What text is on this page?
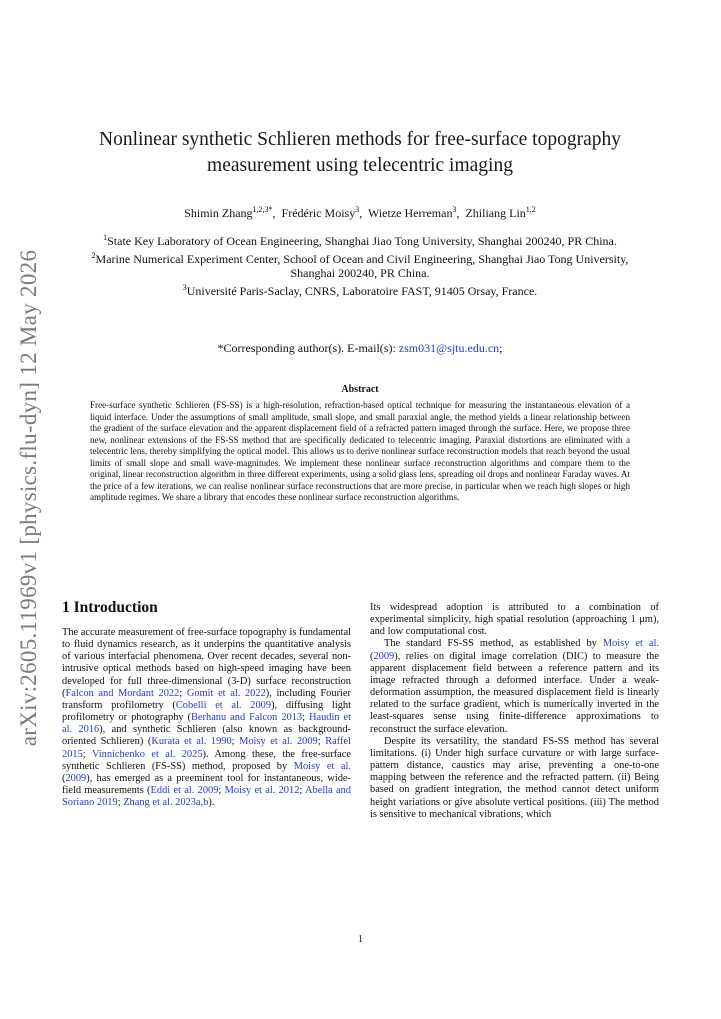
arXiv:2605.11969v1 [physics.flu-dyn] 12 May 2026
Nonlinear synthetic Schlieren methods for free-surface topography
measurement using telecentric imaging
Shimin Zhang$^{1,2,3*}$,  Frédéric Moisy$^3$,  Wietze Herreman$^3$,  Zhiliang Lin$^{1,2}$
$^1$State Key Laboratory of Ocean Engineering, Shanghai Jiao Tong University, Shanghai 200240, PR China.
$^2$Marine Numerical Experiment Center, School of Ocean and Civil Engineering, Shanghai Jiao Tong University, Shanghai 200240, PR China.
$^3$Université Paris-Saclay, CNRS, Laboratoire FAST, 91405 Orsay, France.
*Corresponding author(s). E-mail(s): zsm031@sjtu.edu.cn;
Abstract
Free-surface synthetic Schlieren (FS-SS) is a high-resolution, refraction-based optical technique for measuring the instantaneous elevation of a liquid interface. Under the assumptions of small amplitude, small slope, and small paraxial angle, the method yields a linear relationship between the gradient of the surface elevation and the apparent displacement field of a refracted pattern imaged through the surface. Here, we propose three new, nonlinear extensions of the FS-SS method that are specifically dedicated to telecentric imaging. Paraxial distortions are eliminated with a telecentric lens, thereby simplifying the optical model. This allows us to derive nonlinear surface reconstruction models that reach beyond the usual limits of small slope and small wave-magnitudes. We implement these nonlinear surface reconstruction algorithms and compare them to the original, linear reconstruction algorithm in three different experiments, using a solid glass lens, spreading oil drops and nonlinear Faraday waves. At the price of a few iterations, we can realise nonlinear surface reconstructions that are more precise, in particular when we reach high slopes or high amplitude regimes. We share a library that encodes these nonlinear surface reconstruction algorithms.
1 Introduction

The accurate measurement of free-surface topography is fundamental to fluid dynamics research, as it underpins the quantitative analysis of various interfacial phenomena. Over recent decades, several non-intrusive optical methods based on high-speed imaging have been developed for full three-dimensional (3-D) surface reconstruction (Falcon and Mordant 2022; Gomit et al. 2022), including Fourier transform profilometry (Cobelli et al. 2009), diffusing light profilometry or photography (Berhanu and Falcon 2013; Haudin et al. 2016), and synthetic Schlieren (also known as background-oriented Schlieren) (Kurata et al. 1990; Moisy et al. 2009; Raffel 2015; Vinnichenko et al. 2025). Among these, the free-surface synthetic Schlieren (FS-SS) method, proposed by Moisy et al. (2009), has emerged as a preeminent tool for instantaneous, wide-field measurements (Eddi et al. 2009; Moisy et al. 2012; Abella and Soriano 2019; Zhang et al. 2023a,b).

Its widespread adoption is attributed to a combination of experimental simplicity, high spatial resolution (approaching 1 μm), and low computational cost.

The standard FS-SS method, as established by Moisy et al. (2009), relies on digital image correlation (DIC) to measure the apparent displacement field between a reference pattern and its image refracted through a deformed interface. Under a weak-deformation assumption, the measured displacement field is linearly related to the surface gradient, which is numerically inverted in the least-squares sense using finite-difference approximations to reconstruct the surface elevation.

Despite its versatility, the standard FS-SS method has several limitations. (i) Under high surface curvature or with large surface-pattern distance, caustics may arise, preventing a one-to-one mapping between the reference and the refracted pattern. (ii) Being based on gradient integration, the method cannot detect uniform height variations or give absolute vertical positions. (iii) The method is sensitive to mechanical vibrations, which

1
